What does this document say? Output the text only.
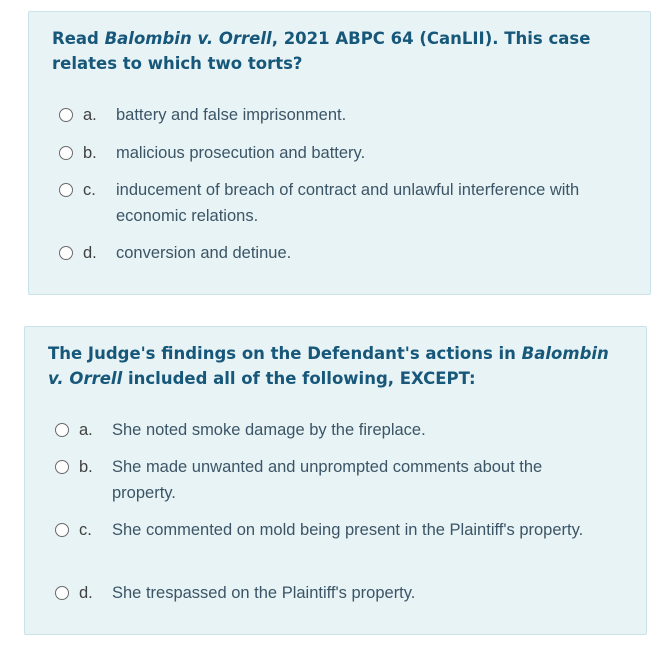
Read Balombin v. Orrell, 2021 ABPC 64 (CanLII). This case relates to which two torts?

a. battery and false imprisonment.
b. malicious prosecution and battery.
c. inducement of breach of contract and unlawful interference with economic relations.
d. conversion and detinue.

The Judge's findings on the Defendant's actions in Balombin v. Orrell included all of the following, EXCEPT:

a. She noted smoke damage by the fireplace.
b. She made unwanted and unprompted comments about the property.
c. She commented on mold being present in the Plaintiff's property.
d. She trespassed on the Plaintiff's property.
